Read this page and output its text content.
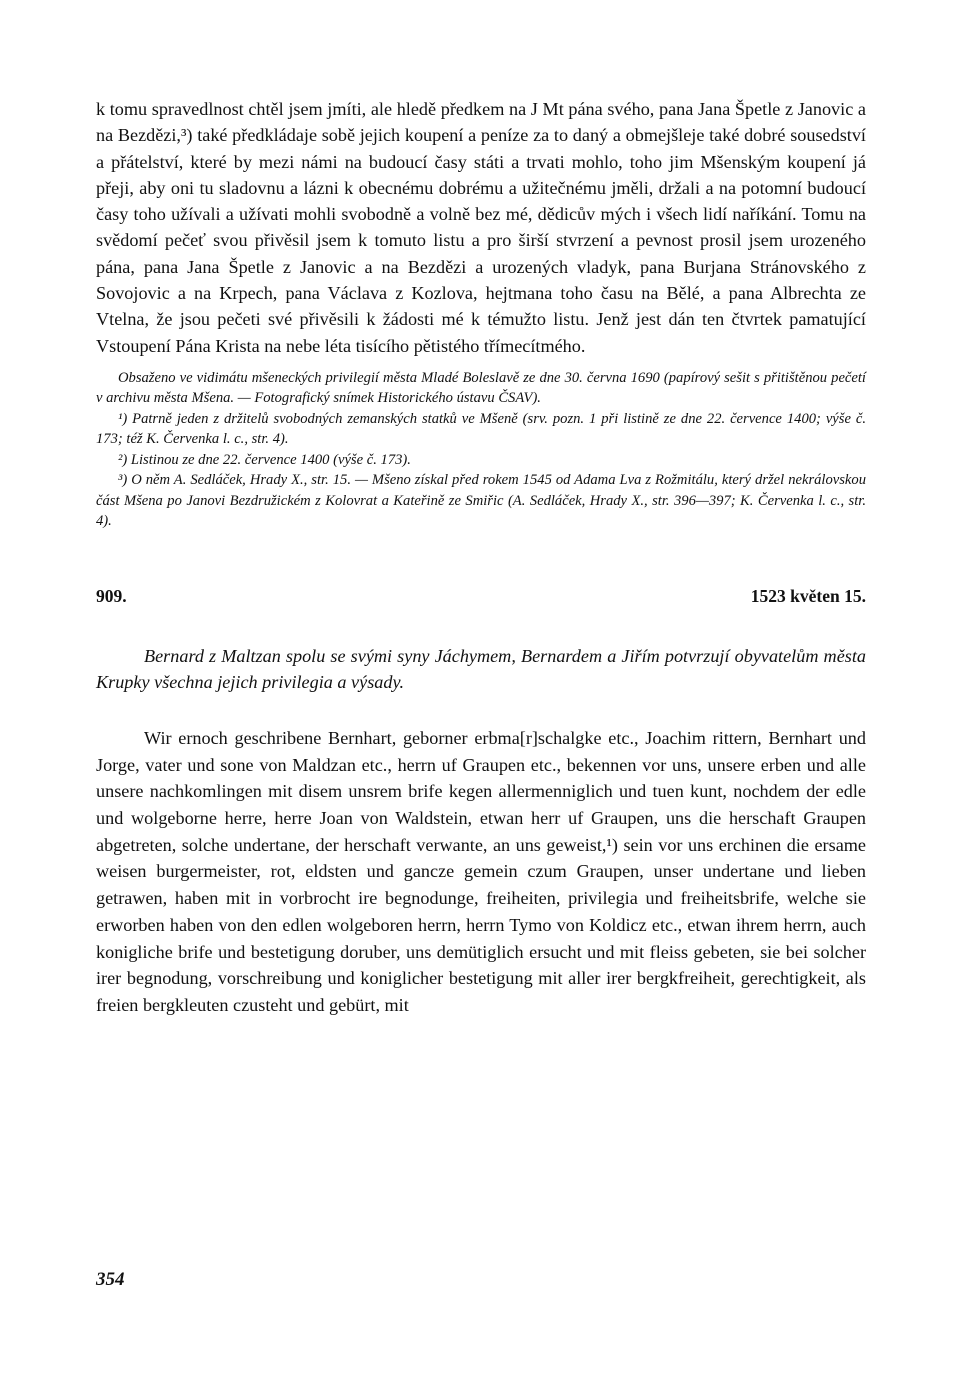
k tomu spravedlnost chtěl jsem jmíti, ale hledě předkem na J Mt pána svého, pana Jana Špetle z Janovic a na Bezdězi,³) také předkládaje sobě jejich koupení a peníze za to daný a obmejšleje také dobré sousedství a přátelství, které by mezi námi na budoucí časy státi a trvati mohlo, toho jim Mšenským koupení já přeji, aby oni tu sladovnu a lázni k obecnému dobrému a užitečnému jměli, držali a na potomní budoucí časy toho užívali a užívati mohli svobodně a volně bez mé, dědicův mých i všech lidí naříkání. Tomu na svědomí pečeť svou přivěsil jsem k tomuto listu a pro širší stvrzení a pevnost prosil jsem urozeného pána, pana Jana Špetle z Janovic a na Bezdězi a urozených vladyk, pana Burjana Stránovského z Sovojovic a na Krpech, pana Václava z Kozlova, hejtmana toho času na Bělé, a pana Albrechta ze Vtelna, že jsou pečeti své přivěsili k žádosti mé k témužto listu. Jenž jest dán ten čtvrtek pamatující Vstoupení Pána Krista na nebe léta tisícího pětistého třímecítmého.

Obsaženo ve vidimátu mšeneckých privilegií města Mladé Boleslavě ze dne 30. června 1690 (papírový sešit s přitištěnou pečetí v archivu města Mšena. — Fotografický snímek Historického ústavu ČSAV).

¹) Patrně jeden z držitelů svobodných zemanských statků ve Mšeně (srv. pozn. 1 při listině ze dne 22. července 1400; výše č. 173; též K. Červenka l. c., str. 4).

²) Listinou ze dne 22. července 1400 (výše č. 173).

³) O něm A. Sedláček, Hrady X., str. 15. — Mšeno získal před rokem 1545 od Adama Lva z Rožmitálu, který držel nekrálovskou část Mšena po Janovi Bezdružickém z Kolovrat a Kateřině ze Smiřic (A. Sedláček, Hrady X., str. 396—397; K. Červenka l. c., str. 4).

909.	1523 květen 15.

Bernard z Maltzan spolu se svými syny Jáchymem, Bernardem a Jiřím potvrzují obyvatelům města Krupky všechna jejich privilegia a výsady.

Wir ernoch geschribene Bernhart, geborner erbma[r]schalgke etc., Joachim rittern, Bernhart und Jorge, vater und sone von Maldzan etc., herrn uf Graupen etc., bekennen vor uns, unsere erben und alle unsere nachkomlingen mit disem unsrem brife kegen allermenniglich und tuen kunt, nochdem der edle und wolgeborne herre, herre Joan von Waldstein, etwan herr uf Graupen, uns die herschaft Graupen abgetreten, solche undertane, der herschaft verwante, an uns geweist,¹) sein vor uns erchinen die ersame weisen burgermeister, rot, eldsten und gancze gemein czum Graupen, unser undertane und lieben getrawen, haben mit in vorbrocht ire begnodunge, freiheiten, privilegia und freiheitsbrife, welche sie erworben haben von den edlen wolgeboren herrn, herrn Tymo von Koldicz etc., etwan ihrem herrn, auch konigliche brife und bestetigung doruber, uns demütiglich ersucht und mit fleiss gebeten, sie bei solcher irer begnodung, vorschreibung und koniglicher bestetigung mit aller irer bergkfreiheit, gerechtigkeit, als freien bergkleuten czusteht und gebürt, mit

354
